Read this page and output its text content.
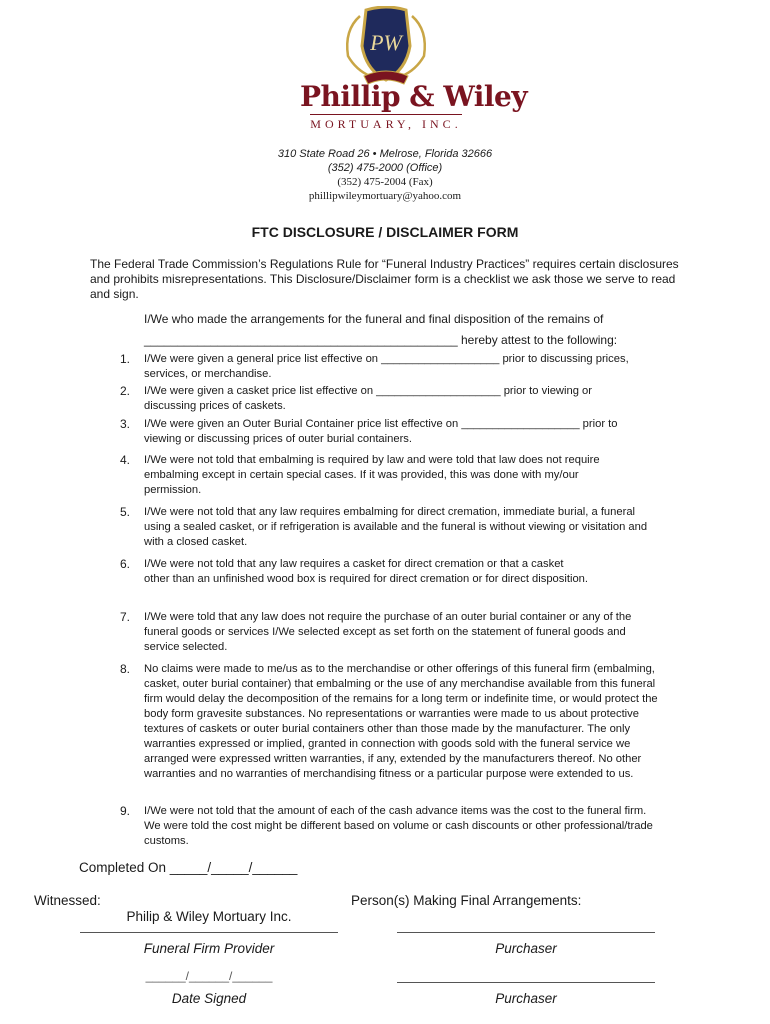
PW
Phillip & Wiley
MORTUARY, INC.
310 State Road 26 • Melrose, Florida 32666
(352) 475-2000 (Office)
(352) 475-2004 (Fax)
phillipwileymortuary@yahoo.com
FTC DISCLOSURE / DISCLAIMER FORM
The Federal Trade Commission’s Regulations Rule for “Funeral Industry Practices” requires certain disclosures and prohibits misrepresentations. This Disclosure/Disclaimer form is a checklist we ask those we serve to read and sign.
I/We who made the arrangements for the funeral and final disposition of the remains of
_______________________________________________ hereby attest to the following:
1. I/We were given a general price list effective on ___________________ prior to discussing prices, services, or merchandise.
2. I/We were given a casket price list effective on ____________________ prior to viewing or discussing prices of caskets.
3. I/We were given an Outer Burial Container price list effective on ___________________ prior to viewing or discussing prices of outer burial containers.
4. I/We were not told that embalming is required by law and were told that law does not require embalming except in certain special cases. If it was provided, this was done with my/our permission.
5. I/We were not told that any law requires embalming for direct cremation, immediate burial, a funeral using a sealed casket, or if refrigeration is available and the funeral is without viewing or visitation and with a closed casket.
6. I/We were not told that any law requires a casket for direct cremation or that a casket other than an unfinished wood box is required for direct cremation or for direct disposition.
7. I/We were told that any law does not require the purchase of an outer burial container or any of the funeral goods or services I/We selected except as set forth on the statement of funeral goods and service selected.
8. No claims were made to me/us as to the merchandise or other offerings of this funeral firm (embalming, casket, outer burial container) that embalming or the use of any merchandise available from this funeral firm would delay the decomposition of the remains for a long term or indefinite time, or would protect the body form gravesite substances. No representations or warranties were made to us about protective textures of caskets or outer burial containers other than those made by the manufacturer. The only warranties expressed or implied, granted in connection with goods sold with the funeral service we arranged were expressed written warranties, if any, extended by the manufacturers thereof. No other warranties and no warranties of merchandising fitness or a particular purpose were extended to us.
9. I/We were not told that the amount of each of the cash advance items was the cost to the funeral firm. We were told the cost might be different based on volume or cash discounts or other professional/trade customs.
Completed On _____/_____/______
Witnessed:	Person(s) Making Final Arrangements:
Philip & Wiley Mortuary Inc.
Funeral Firm Provider	Purchaser
______/______/______
Date Signed	Purchaser
